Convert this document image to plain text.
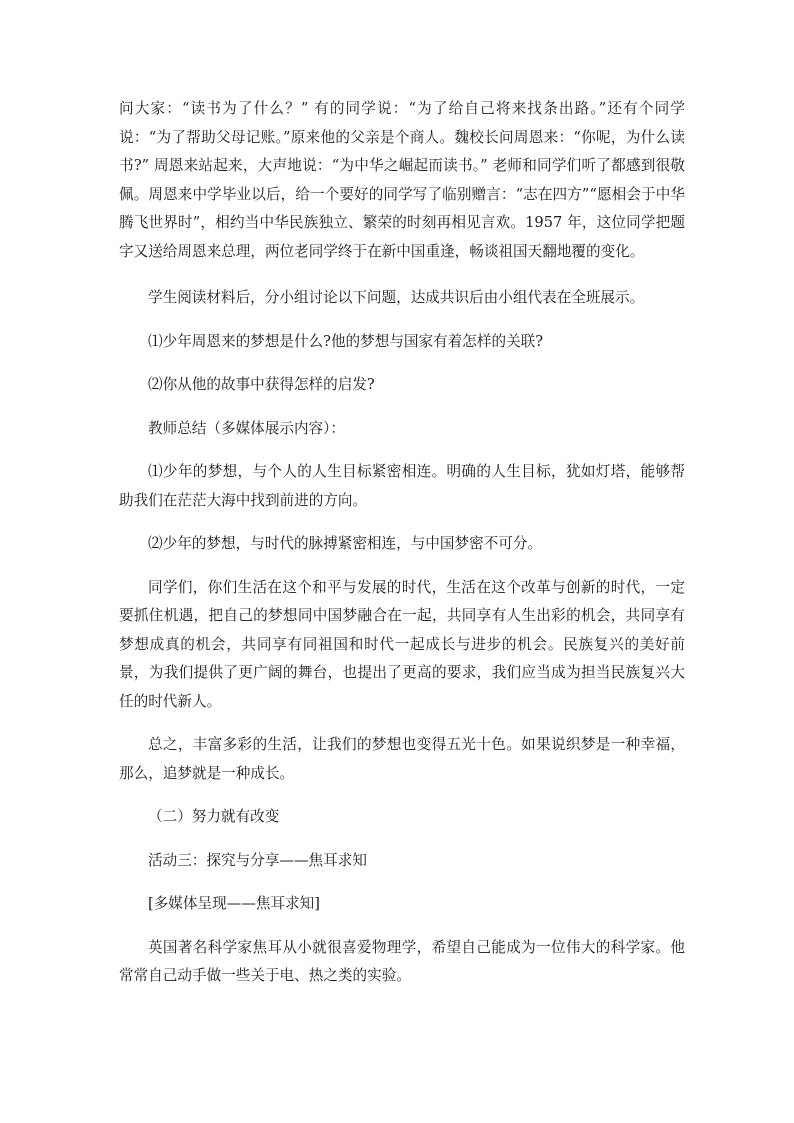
问大家：“读书为了什么？” 有的同学说：“为了给自己将来找条出路。”还有个同学说：“为了帮助父母记账。”原来他的父亲是个商人。魏校长问周恩来：“你呢，为什么读书?” 周恩来站起来，大声地说：“为中华之崛起而读书。” 老师和同学们听了都感到很敬佩。周恩来中学毕业以后，给一个要好的同学写了临别赠言：“志在四方”“愿相会于中华腾飞世界时”，相约当中华民族独立、繁荣的时刻再相见言欢。1957 年，这位同学把题字又送给周恩来总理，两位老同学终于在新中国重逢，畅谈祖国天翻地覆的变化。

学生阅读材料后，分小组讨论以下问题，达成共识后由小组代表在全班展示。

⑴少年周恩来的梦想是什么?他的梦想与国家有着怎样的关联?

⑵你从他的故事中获得怎样的启发?

教师总结（多媒体展示内容）：

⑴少年的梦想，与个人的人生目标紧密相连。明确的人生目标，犹如灯塔，能够帮助我们在茫茫大海中找到前进的方向。

⑵少年的梦想，与时代的脉搏紧密相连，与中国梦密不可分。

同学们，你们生活在这个和平与发展的时代，生活在这个改革与创新的时代，一定要抓住机遇，把自己的梦想同中国梦融合在一起，共同享有人生出彩的机会，共同享有梦想成真的机会，共同享有同祖国和时代一起成长与进步的机会。民族复兴的美好前景，为我们提供了更广阔的舞台，也提出了更高的要求，我们应当成为担当民族复兴大任的时代新人。

总之，丰富多彩的生活，让我们的梦想也变得五光十色。如果说织梦是一种幸福，那么，追梦就是一种成长。

（二）努力就有改变

活动三：探究与分享——焦耳求知

[多媒体呈现——焦耳求知]

英国著名科学家焦耳从小就很喜爱物理学，希望自己能成为一位伟大的科学家。他常常自己动手做一些关于电、热之类的实验。
